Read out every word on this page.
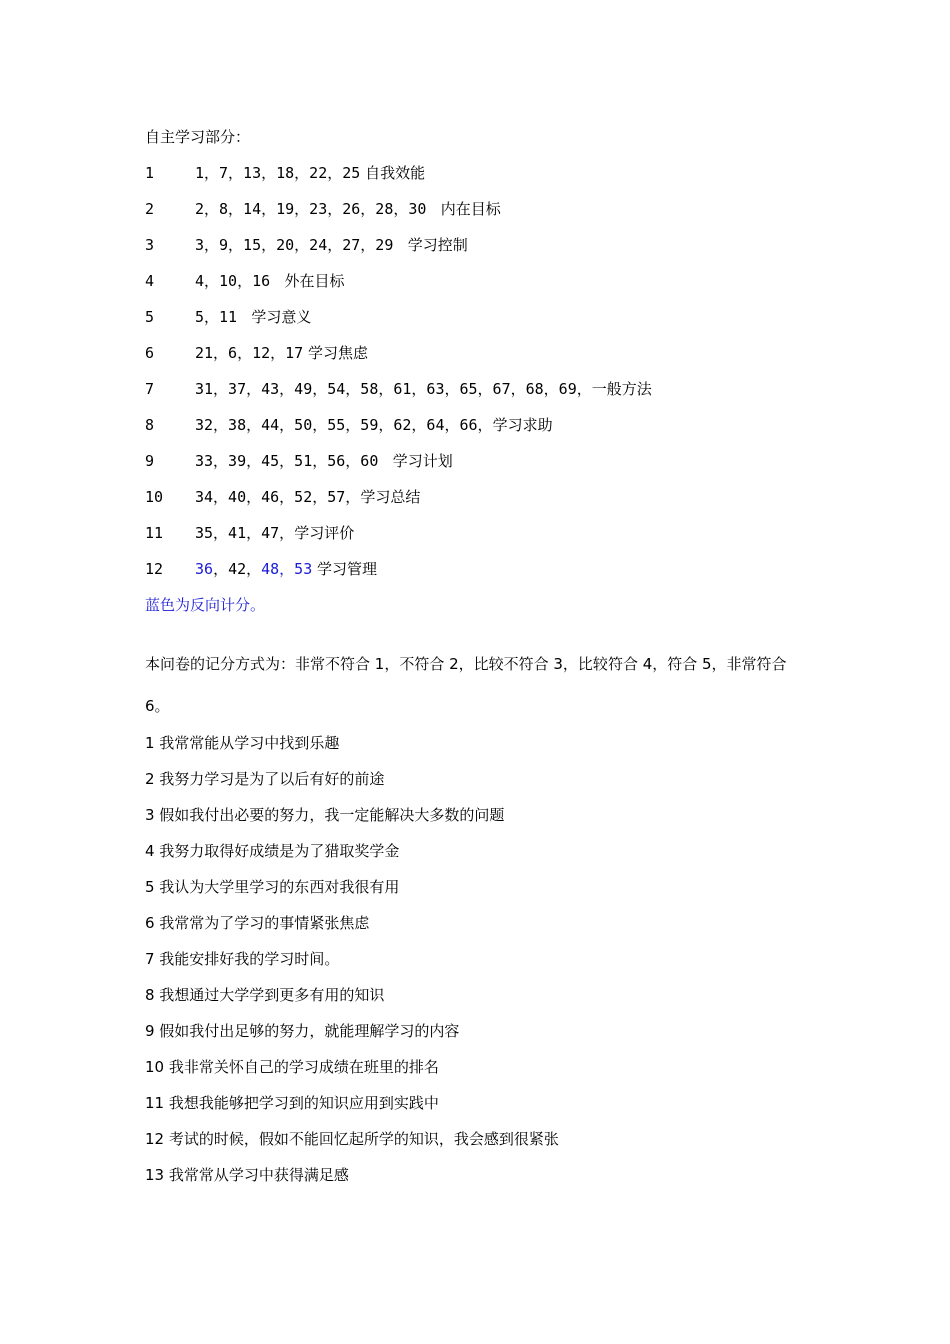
自主学习部分：
1	1，7，13，18，22，25 自我效能
2	2，8，14，19，23，26，28，30 内在目标
3	3，9，15，20，24，27，29 学习控制
4	4，10，16 外在目标
5	5，11 学习意义
6	21，6，12，17 学习焦虑
7	31，37，43，49，54，58，61，63，65，67，68，69，一般方法
8	32，38，44，50，55，59，62，64，66，学习求助
9	33，39，45，51，56，60 学习计划
10 34，40，46，52，57，学习总结
11 35，41，47，学习评价
12 36，42，48，53 学习管理
蓝色为反向计分。
本问卷的记分方式为：非常不符合 1，不符合 2，比较不符合 3，比较符合 4，符合 5，非常符合 6。
1 我常常能从学习中找到乐趣
2 我努力学习是为了以后有好的前途
3 假如我付出必要的努力，我一定能解决大多数的问题
4 我努力取得好成绩是为了猎取奖学金
5 我认为大学里学习的东西对我很有用
6 我常常为了学习的事情紧张焦虑
7 我能安排好我的学习时间。
8 我想通过大学学到更多有用的知识
9 假如我付出足够的努力，就能理解学习的内容
10 我非常关怀自己的学习成绩在班里的排名
11 我想我能够把学习到的知识应用到实践中
12 考试的时候，假如不能回忆起所学的知识，我会感到很紧张
13 我常常从学习中获得满足感
